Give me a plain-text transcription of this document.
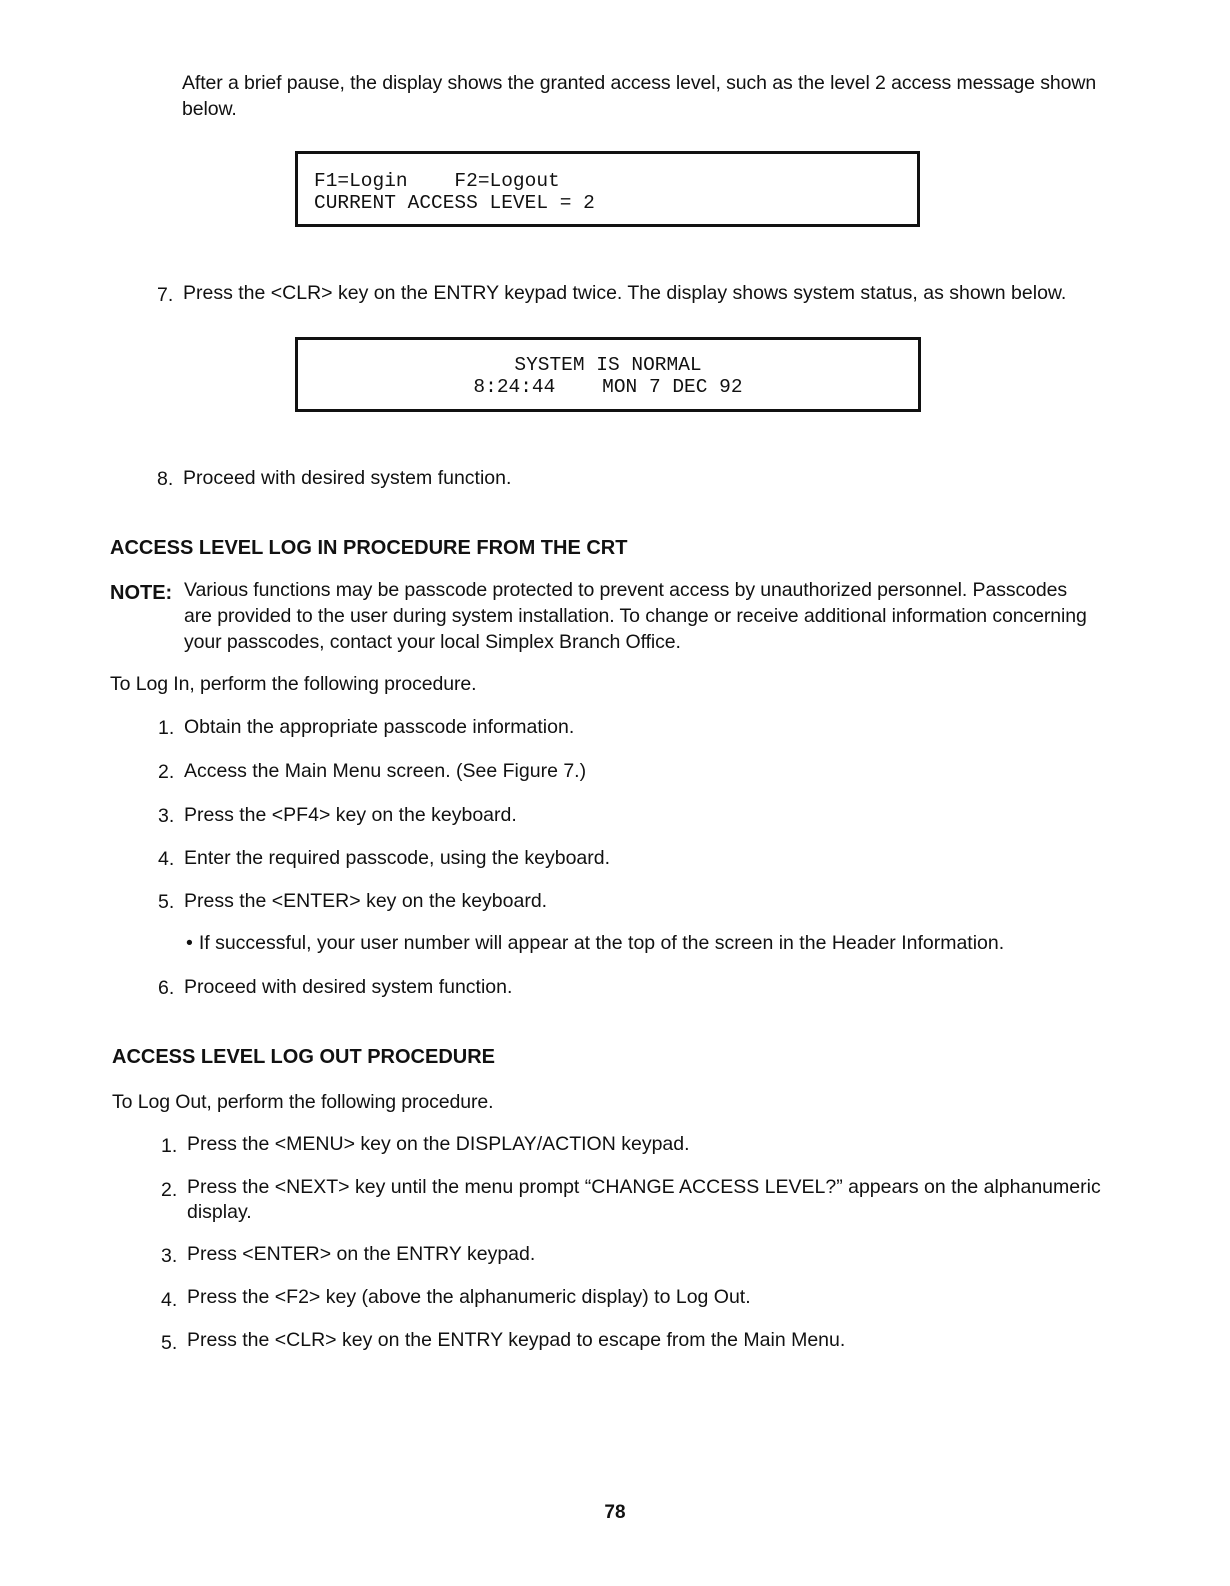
After a brief pause, the display shows the granted access level, such as the level 2 access message shown
below.
F1=Login    F2=Logout
CURRENT ACCESS LEVEL = 2
7. Press the <CLR> key on the ENTRY keypad twice. The display shows system status, as shown below.
SYSTEM IS NORMAL
8:24:44    MON 7 DEC 92
8. Proceed with desired system function.
ACCESS LEVEL LOG IN PROCEDURE FROM THE CRT
NOTE: Various functions may be passcode protected to prevent access by unauthorized personnel. Passcodes
are provided to the user during system installation. To change or receive additional information concerning
your passcodes, contact your local Simplex Branch Office.
To Log In, perform the following procedure.
1. Obtain the appropriate passcode information.
2. Access the Main Menu screen. (See Figure 7.)
3. Press the <PF4> key on the keyboard.
4. Enter the required passcode, using the keyboard.
5. Press the <ENTER> key on the keyboard.
• If successful, your user number will appear at the top of the screen in the Header Information.
6. Proceed with desired system function.
ACCESS LEVEL LOG OUT PROCEDURE
To Log Out, perform the following procedure.
1. Press the <MENU> key on the DISPLAY/ACTION keypad.
2. Press the <NEXT> key until the menu prompt “CHANGE ACCESS LEVEL?” appears on the alphanumeric
display.
3. Press <ENTER> on the ENTRY keypad.
4. Press the <F2> key (above the alphanumeric display) to Log Out.
5. Press the <CLR> key on the ENTRY keypad to escape from the Main Menu.
78
